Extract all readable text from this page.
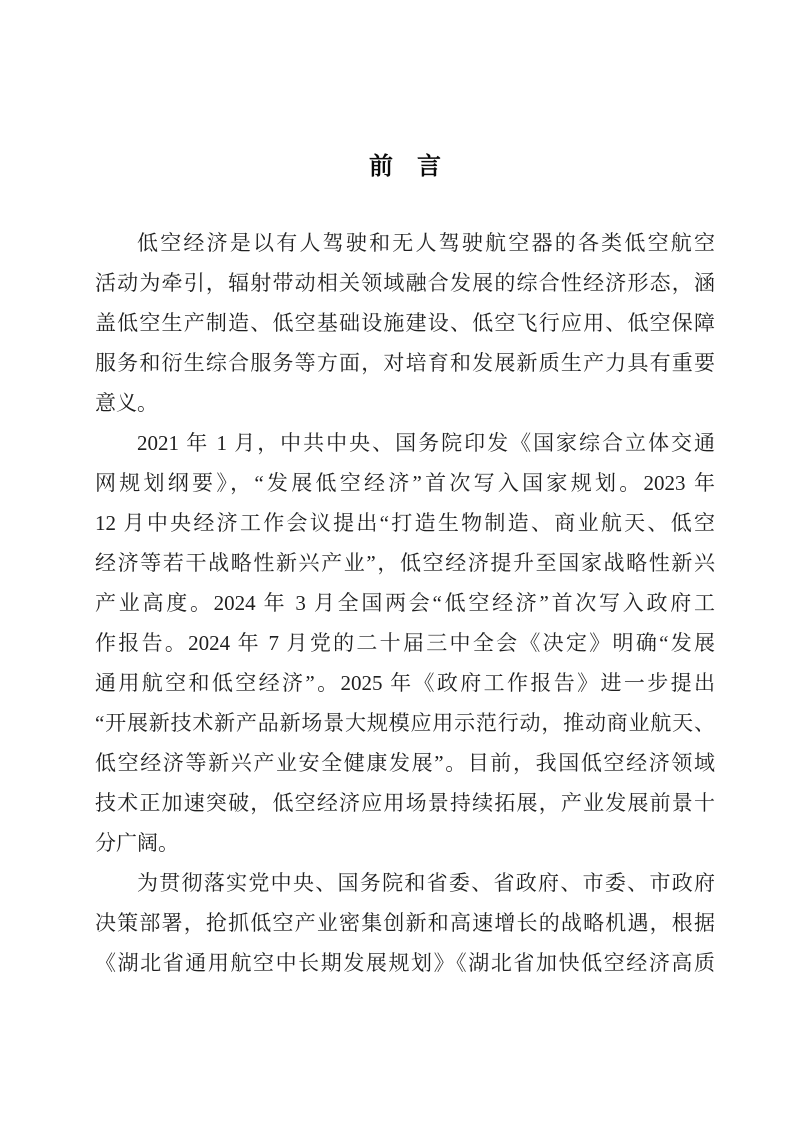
前　言
低空经济是以有人驾驶和无人驾驶航空器的各类低空航空
活动为牵引，辐射带动相关领域融合发展的综合性经济形态，涵
盖低空生产制造、低空基础设施建设、低空飞行应用、低空保障
服务和衍生综合服务等方面，对培育和发展新质生产力具有重要
意义。
2021 年 1 月，中共中央、国务院印发《国家综合立体交通
网规划纲要》，“发展低空经济”首次写入国家规划。2023 年
12 月中央经济工作会议提出“打造生物制造、商业航天、低空
经济等若干战略性新兴产业”，低空经济提升至国家战略性新兴
产业高度。2024 年 3 月全国两会“低空经济”首次写入政府工
作报告。2024 年 7 月党的二十届三中全会《决定》明确“发展
通用航空和低空经济”。2025 年《政府工作报告》进一步提出
“开展新技术新产品新场景大规模应用示范行动，推动商业航天、
低空经济等新兴产业安全健康发展”。目前，我国低空经济领域
技术正加速突破，低空经济应用场景持续拓展，产业发展前景十
分广阔。
为贯彻落实党中央、国务院和省委、省政府、市委、市政府
决策部署，抢抓低空产业密集创新和高速增长的战略机遇，根据
《湖北省通用航空中长期发展规划》《湖北省加快低空经济高质
